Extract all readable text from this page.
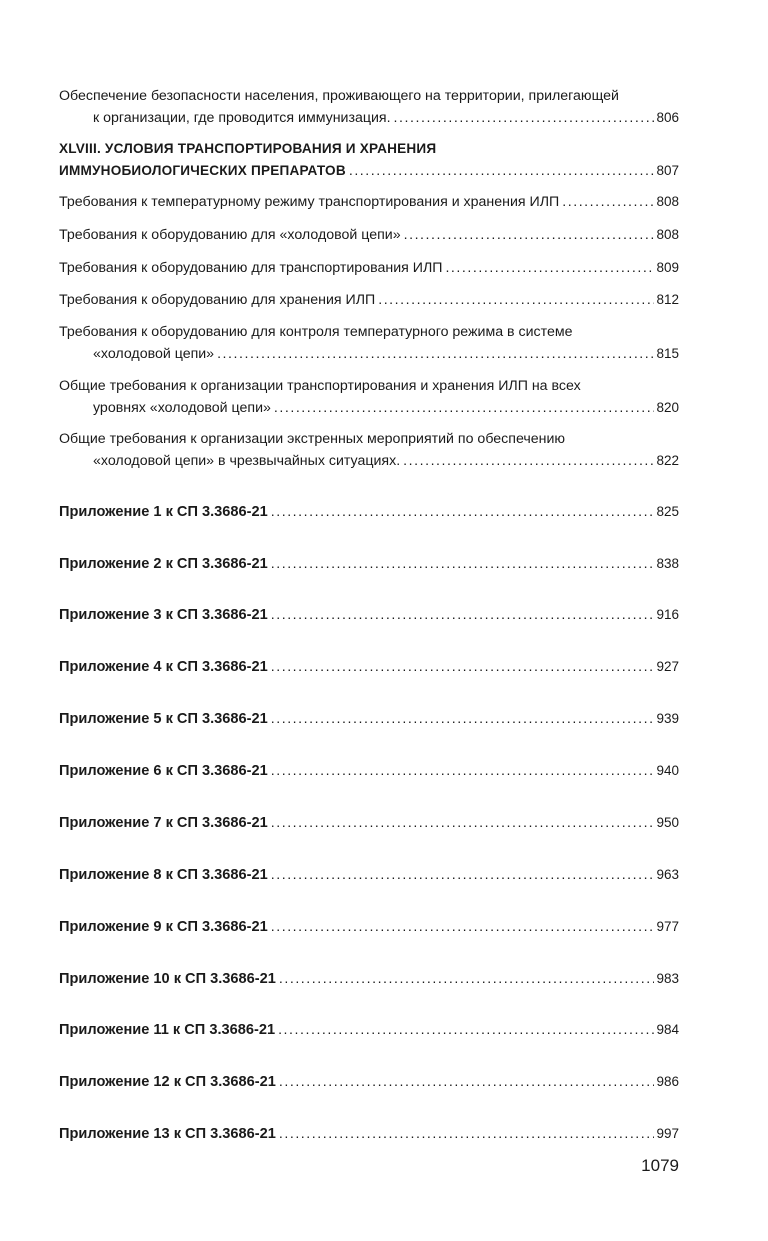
Обеспечение безопасности населения, проживающего на территории, прилегающей
к организации, где проводится иммунизация. . . .	806
XLVIII. УСЛОВИЯ ТРАНСПОРТИРОВАНИЯ И ХРАНЕНИЯ
ИММУНОБИОЛОГИЧЕСКИХ ПРЕПАРАТОВ . . .	807
Требования к температурному режиму транспортирования и хранения ИЛП . . .	808
Требования к оборудованию для «холодовой цепи» . . .	808
Требования к оборудованию для транспортирования ИЛП . . .	809
Требования к оборудованию для хранения ИЛП . . .	812
Требования к оборудованию для контроля температурного режима в системе
«холодовой цепи» . . .	815
Общие требования к организации транспортирования и хранения ИЛП на всех
уровнях «холодовой цепи» . . .	820
Общие требования к организации экстренных мероприятий по обеспечению
«холодовой цепи» в чрезвычайных ситуациях. . . .	822
Приложение 1 к СП 3.3686-21 . . .	825
Приложение 2 к СП 3.3686-21 . . .	838
Приложение 3 к СП 3.3686-21 . . .	916
Приложение 4 к СП 3.3686-21 . . .	927
Приложение 5 к СП 3.3686-21 . . .	939
Приложение 6 к СП 3.3686-21 . . .	940
Приложение 7 к СП 3.3686-21 . . .	950
Приложение 8 к СП 3.3686-21 . . .	963
Приложение 9 к СП 3.3686-21 . . .	977
Приложение 10 к СП 3.3686-21 . . .	983
Приложение 11 к СП 3.3686-21 . . .	984
Приложение 12 к СП 3.3686-21 . . .	986
Приложение 13 к СП 3.3686-21 . . .	997
1079
